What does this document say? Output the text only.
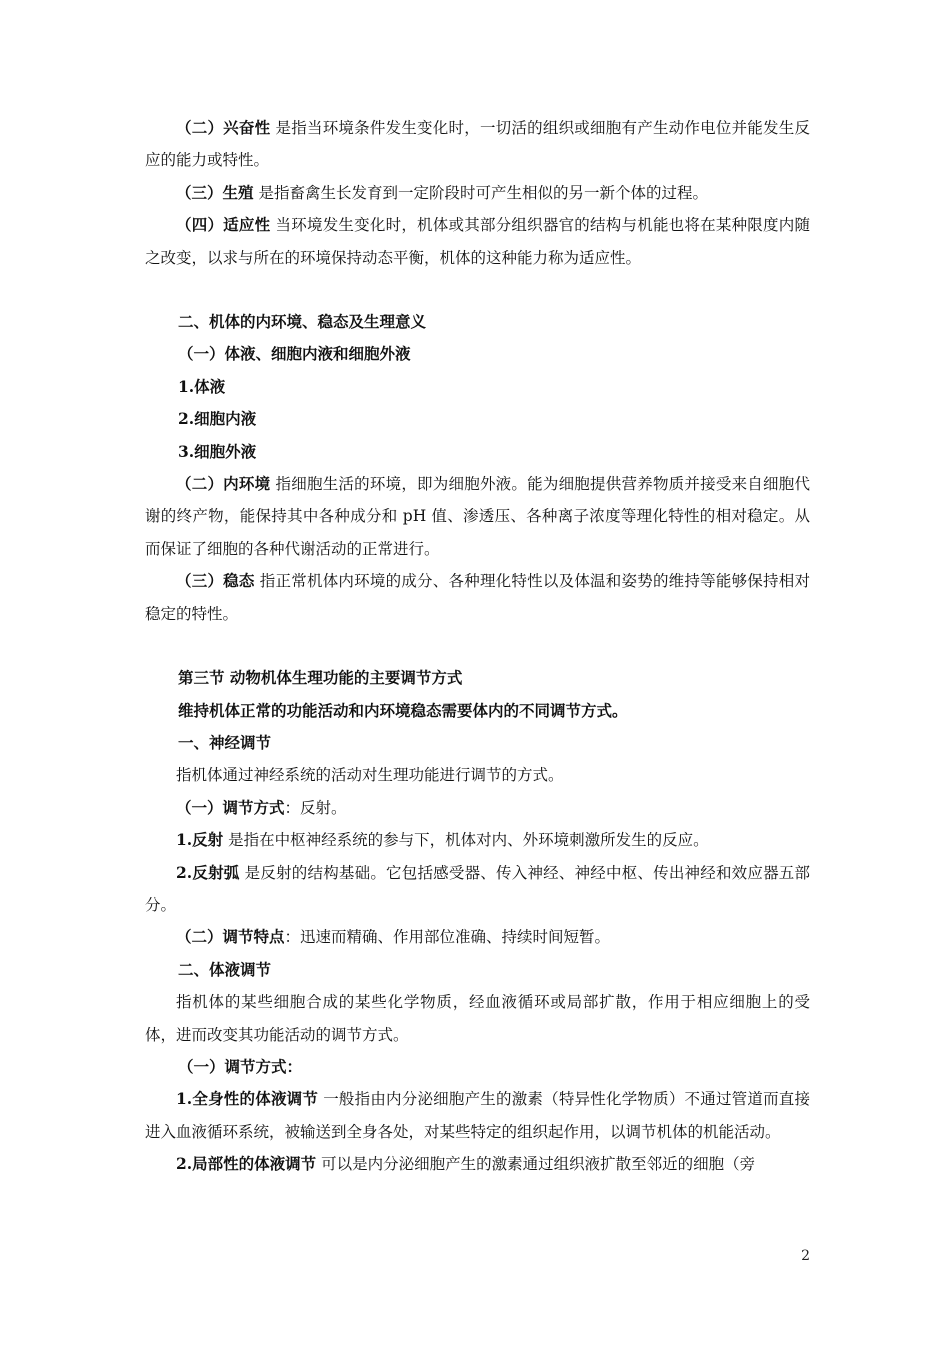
（二）兴奋性 是指当环境条件发生变化时，一切活的组织或细胞有产生动作电位并能发生反应的能力或特性。

（三）生殖 是指畜禽生长发育到一定阶段时可产生相似的另一新个体的过程。

（四）适应性 当环境发生变化时，机体或其部分组织器官的结构与机能也将在某种限度内随之改变，以求与所在的环境保持动态平衡，机体的这种能力称为适应性。

二、机体的内环境、稳态及生理意义

（一）体液、细胞内液和细胞外液

1.体液

2.细胞内液

3.细胞外液

（二）内环境 指细胞生活的环境，即为细胞外液。能为细胞提供营养物质并接受来自细胞代谢的终产物，能保持其中各种成分和 pH 值、渗透压、各种离子浓度等理化特性的相对稳定。从而保证了细胞的各种代谢活动的正常进行。

（三）稳态 指正常机体内环境的成分、各种理化特性以及体温和姿势的维持等能够保持相对稳定的特性。

第三节 动物机体生理功能的主要调节方式

维持机体正常的功能活动和内环境稳态需要体内的不同调节方式。

一、神经调节

指机体通过神经系统的活动对生理功能进行调节的方式。

（一）调节方式：反射。

1.反射 是指在中枢神经系统的参与下，机体对内、外环境刺激所发生的反应。

2.反射弧 是反射的结构基础。它包括感受器、传入神经、神经中枢、传出神经和效应器五部分。

（二）调节特点：迅速而精确、作用部位准确、持续时间短暂。

二、体液调节

指机体的某些细胞合成的某些化学物质，经血液循环或局部扩散，作用于相应细胞上的受体，进而改变其功能活动的调节方式。

（一）调节方式：

1.全身性的体液调节 一般指由内分泌细胞产生的激素（特异性化学物质）不通过管道而直接进入血液循环系统，被输送到全身各处，对某些特定的组织起作用，以调节机体的机能活动。

2.局部性的体液调节 可以是内分泌细胞产生的激素通过组织液扩散至邻近的细胞（旁

2
